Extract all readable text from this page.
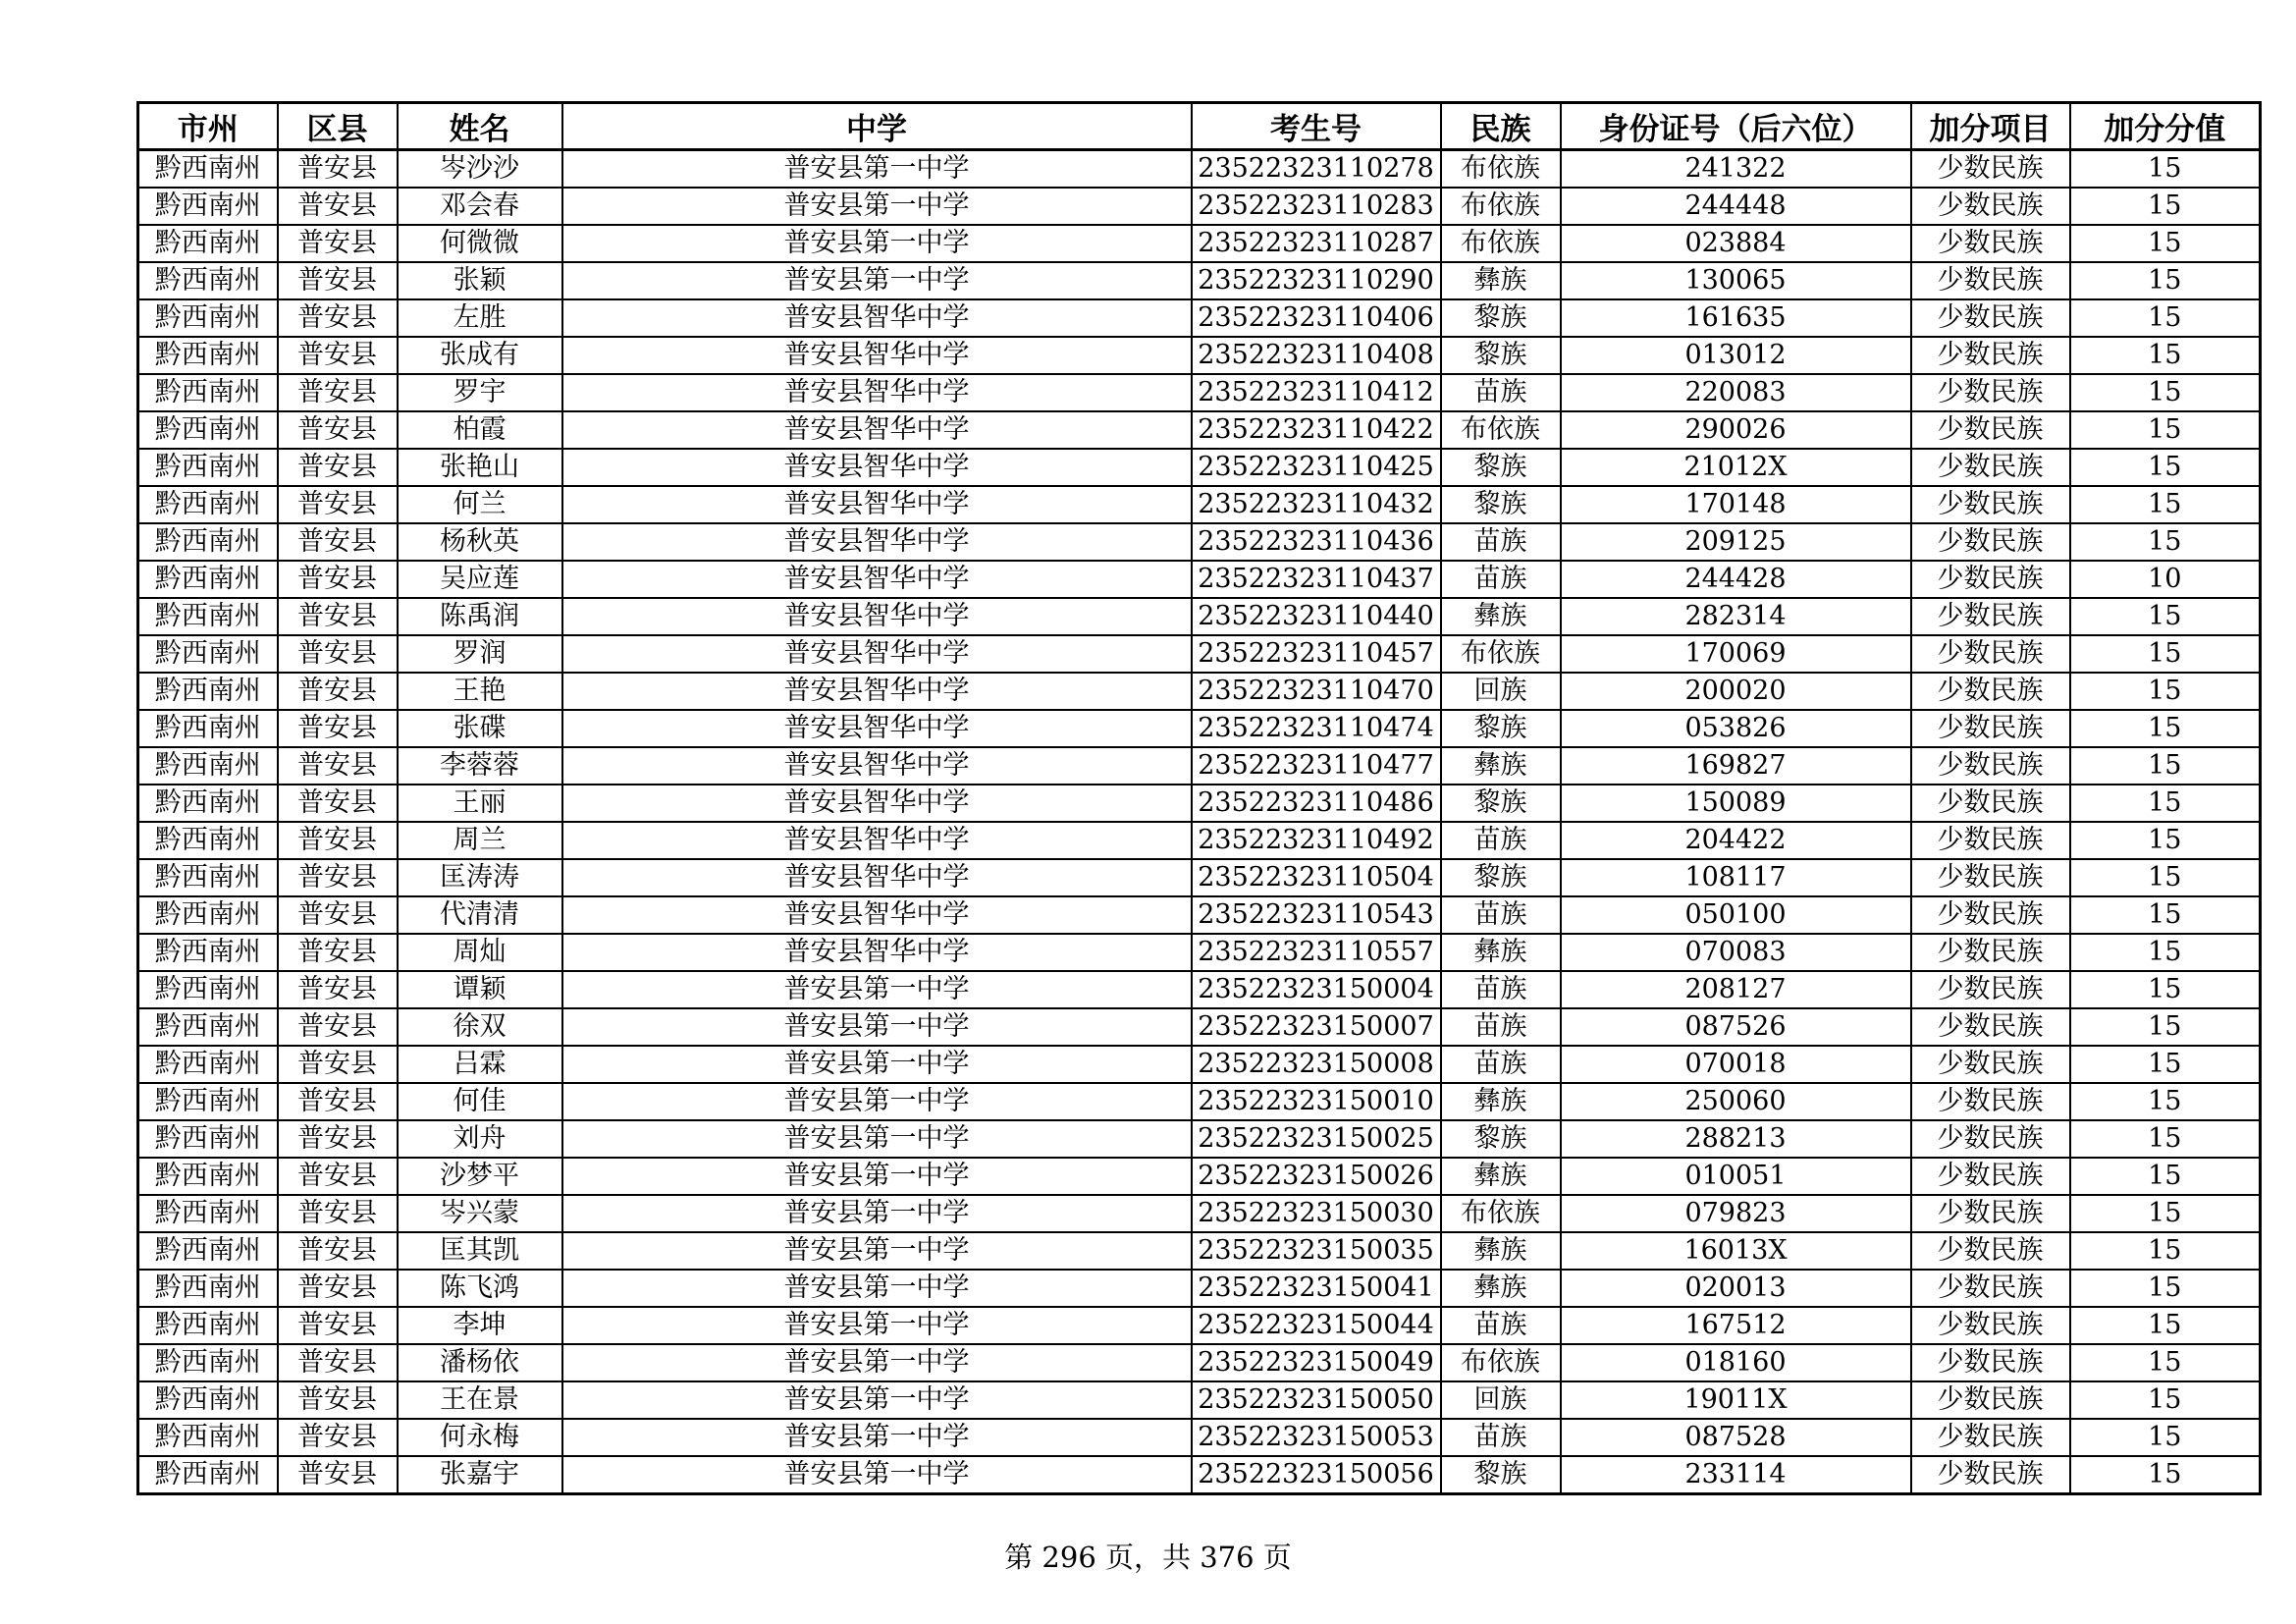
市州	区县	姓名	中学	考生号	民族	身份证号（后六位）	加分项目	加分分值
黔西南州	普安县	岑沙沙	普安县第一中学	23522323110278	布依族	241322	少数民族	15
黔西南州	普安县	邓会春	普安县第一中学	23522323110283	布依族	244448	少数民族	15
黔西南州	普安县	何微微	普安县第一中学	23522323110287	布依族	023884	少数民族	15
黔西南州	普安县	张颖	普安县第一中学	23522323110290	彝族	130065	少数民族	15
黔西南州	普安县	左胜	普安县智华中学	23522323110406	黎族	161635	少数民族	15
黔西南州	普安县	张成有	普安县智华中学	23522323110408	黎族	013012	少数民族	15
黔西南州	普安县	罗宇	普安县智华中学	23522323110412	苗族	220083	少数民族	15
黔西南州	普安县	柏霞	普安县智华中学	23522323110422	布依族	290026	少数民族	15
黔西南州	普安县	张艳山	普安县智华中学	23522323110425	黎族	21012X	少数民族	15
黔西南州	普安县	何兰	普安县智华中学	23522323110432	黎族	170148	少数民族	15
黔西南州	普安县	杨秋英	普安县智华中学	23522323110436	苗族	209125	少数民族	15
黔西南州	普安县	吴应莲	普安县智华中学	23522323110437	苗族	244428	少数民族	10
黔西南州	普安县	陈禹润	普安县智华中学	23522323110440	彝族	282314	少数民族	15
黔西南州	普安县	罗润	普安县智华中学	23522323110457	布依族	170069	少数民族	15
黔西南州	普安县	王艳	普安县智华中学	23522323110470	回族	200020	少数民族	15
黔西南州	普安县	张碟	普安县智华中学	23522323110474	黎族	053826	少数民族	15
黔西南州	普安县	李蓉蓉	普安县智华中学	23522323110477	彝族	169827	少数民族	15
黔西南州	普安县	王丽	普安县智华中学	23522323110486	黎族	150089	少数民族	15
黔西南州	普安县	周兰	普安县智华中学	23522323110492	苗族	204422	少数民族	15
黔西南州	普安县	匡涛涛	普安县智华中学	23522323110504	黎族	108117	少数民族	15
黔西南州	普安县	代清清	普安县智华中学	23522323110543	苗族	050100	少数民族	15
黔西南州	普安县	周灿	普安县智华中学	23522323110557	彝族	070083	少数民族	15
黔西南州	普安县	谭颖	普安县第一中学	23522323150004	苗族	208127	少数民族	15
黔西南州	普安县	徐双	普安县第一中学	23522323150007	苗族	087526	少数民族	15
黔西南州	普安县	吕霖	普安县第一中学	23522323150008	苗族	070018	少数民族	15
黔西南州	普安县	何佳	普安县第一中学	23522323150010	彝族	250060	少数民族	15
黔西南州	普安县	刘舟	普安县第一中学	23522323150025	黎族	288213	少数民族	15
黔西南州	普安县	沙梦平	普安县第一中学	23522323150026	彝族	010051	少数民族	15
黔西南州	普安县	岑兴蒙	普安县第一中学	23522323150030	布依族	079823	少数民族	15
黔西南州	普安县	匡其凯	普安县第一中学	23522323150035	彝族	16013X	少数民族	15
黔西南州	普安县	陈飞鸿	普安县第一中学	23522323150041	彝族	020013	少数民族	15
黔西南州	普安县	李坤	普安县第一中学	23522323150044	苗族	167512	少数民族	15
黔西南州	普安县	潘杨依	普安县第一中学	23522323150049	布依族	018160	少数民族	15
黔西南州	普安县	王在景	普安县第一中学	23522323150050	回族	19011X	少数民族	15
黔西南州	普安县	何永梅	普安县第一中学	23522323150053	苗族	087528	少数民族	15
黔西南州	普安县	张嘉宇	普安县第一中学	23522323150056	黎族	233114	少数民族	15
第 296 页，共 376 页
